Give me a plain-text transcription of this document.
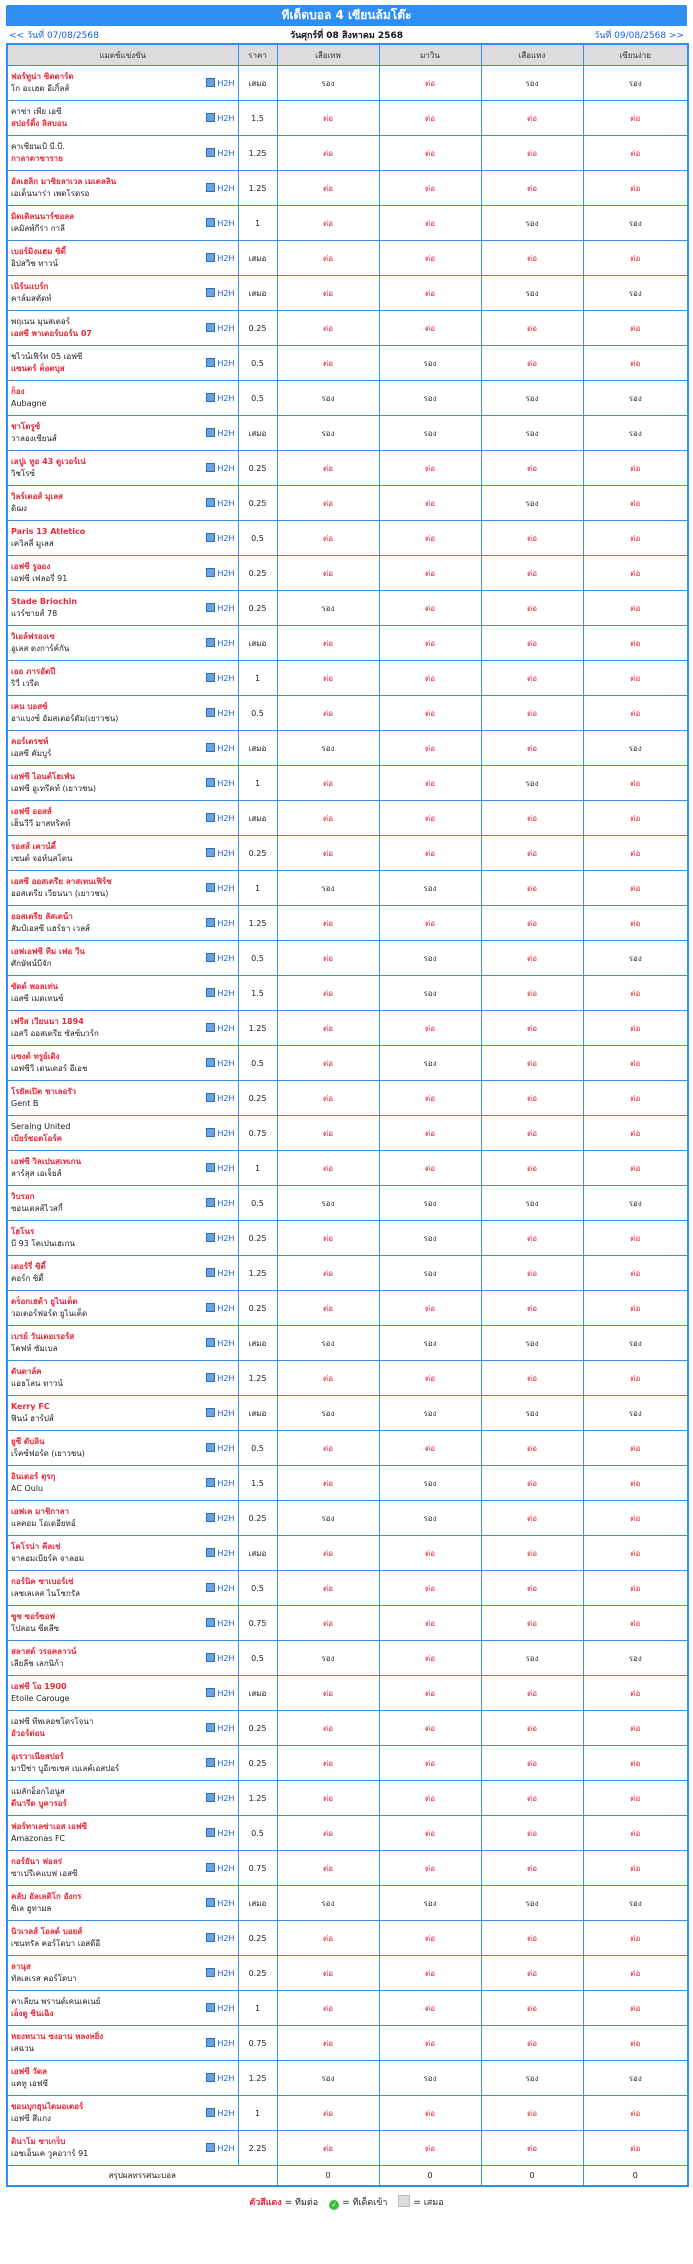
ทีเด็ดบอล 4 เซียนล้มโต๊ะ
<< วันที่ 07/08/2568	วันศุกร์ที่ 08 สิงหาคม 2568	วันที่ 09/08/2568 >>
แมตช์แข่งขัน	ราคา	เสือเทพ	มาวิน	เสือแทง	เซียนง่าย

ฟอร์ทูน่า ซิตตาร์ด
โก อะเฮด อีเกิ้ลส์
H2H	เสมอ	รอง	ต่อ	รอง	รอง

คาซ่า เพีย เอซี
สปอร์ติ้ง ลิสบอน
H2H	1.5	ต่อ	ต่อ	ต่อ	ต่อ

คาเซียนเป้ บี.บี.
กาลาตาซาราย
H2H	1.25	ต่อ	ต่อ	ต่อ	ต่อ

อัลเฮลิก มาซิยลาเวล เมเดลลิน
เอเด็นนาร่า เพดโรดรอ
H2H	1.25	ต่อ	ต่อ	ต่อ	ต่อ

มิดเดิลนนาร์ชอลล
เคมิลพ์กีร่า กาลี
H2H	1	ต่อ	ต่อ	รอง	รอง

เบอร์มิงแฮม ซิตี้
อิปสวิช ทาวน์
H2H	เสมอ	ต่อ	ต่อ	ต่อ	ต่อ

เนิร์นแบร์ก
คาล์มสตัดท์
H2H	เสมอ	ต่อ	ต่อ	รอง	รอง

พฤเนน มุนสเตอร์
เอสซี พาเดอร์บอร์น 07
H2H	0.25	ต่อ	ต่อ	ต่อ	ต่อ

ชไวน์เฟิร์ท 05 เอฟซี
แซนดร์ ค็อดบุส
H2H	0.5	ต่อ	รอง	ต่อ	ต่อ

ก็อง
Aubagne
H2H	0.5	รอง	รอง	รอง	รอง

ชาโตรูซ์
วาลองเซียนส์
H2H	เสมอ	รอง	รอง	รอง	รอง

เลปูเ ทูอ 43 ดูเวอร์เน่
วิชโรซ์
H2H	0.25	ต่อ	ต่อ	ต่อ	ต่อ

วิลร์เดอส์ มุเลส
ดิฌง
H2H	0.25	ต่อ	ต่อ	รอง	ต่อ

Paris 13 Atletico
เควิลลี่ มูเลส
H2H	0.5	ต่อ	ต่อ	ต่อ	ต่อ

เอฟซี รูออง
เอฟซี เฟลอรี่ 91
H2H	0.25	ต่อ	ต่อ	ต่อ	ต่อ

Stade Briochin
แวร์ซายส์ 78
H2H	0.25	รอง	ต่อ	ต่อ	ต่อ

วิเอล์ฟรองเซ
อูเลส ดงการ์ค์กัน
H2H	เสมอ	ต่อ	ต่อ	ต่อ	ต่อ

เออ ภารอัตปี
ริวี่ เวรีด
H2H	1	ต่อ	ต่อ	ต่อ	ต่อ

เคน บอสซ์
อาแบงซ์ อัมสเตอร์ดัม(เยาวชน)
H2H	0.5	ต่อ	ต่อ	ต่อ	ต่อ

คอร์เดรชท์
เอสซี คัมบูร์
H2H	เสมอ	รอง	ต่อ	ต่อ	รอง

เอฟซี ไอนด์โฮเฟ่น
เอฟซี อูเทรีคท์ (เยาวชน)
H2H	1	ต่อ	ต่อ	รอง	ต่อ

เอฟซี ออสส์
เฮ็นวีวี มาสทริคท์
H2H	เสมอ	ต่อ	ต่อ	ต่อ	ต่อ

รอสส์ เคาน์ตี้
เซนต์ จอห์นสโตน
H2H	0.25	ต่อ	ต่อ	ต่อ	ต่อ

เอสซี ออสเตรีย ลาสเทนเฟิร์ช
ออสเตรีย เวียนนา (เยาวชน)
H2H	1	รอง	รอง	ต่อ	ต่อ

ออสเตรีย ลัสเตน้า
สัมป์เอสซี แฮร์ธา เวลส์
H2H	1.25	ต่อ	ต่อ	ต่อ	ต่อ

เอฟเอฟซี ทีม เฟอ วีน
ศักษัพน์บีจัก
H2H	0.5	ต่อ	รอง	ต่อ	รอง

ซัดด์ พอลเท่น
เอสซี เมดเทนซ์
H2H	1.5	ต่อ	รอง	ต่อ	ต่อ

เฟรีส เวียนนา 1894
เอสวี ออสเตรีย ซัลซ์บวร์ก
H2H	1.25	ต่อ	ต่อ	ต่อ	ต่อ

แซงต์ ทรูย์เดิง
เอฟซีวี เดนเดอร์ อีเอช
H2H	0.5	ต่อ	รอง	ต่อ	ต่อ

โรยัลเปิด ชาเลอรัว
Gent B
H2H	0.25	ต่อ	ต่อ	ต่อ	ต่อ

Seraing United
เบียร์ชอตโอร์ค
H2H	0.75	ต่อ	ต่อ	ต่อ	ต่อ

เอฟซี วิลเปนสเทเกน
ลาร์สุส เอเจ็ยส์
H2H	1	ต่อ	ต่อ	ต่อ	ต่อ

วิบรอก
ซอนเดลส์ไวสกี้
H2H	0.5	รอง	รอง	รอง	รอง

โฮโนร
บี 93 โคเปนเฮเกน
H2H	0.25	ต่อ	รอง	ต่อ	ต่อ

เดอร์รี่ ซิตี้
คอร์ก ซิตี้
H2H	1.25	ต่อ	รอง	ต่อ	ต่อ

ดร็อกเฮด้า ยูไนเต็ด
วอเตอร์ฟอร์ด ยูไนเต็ด
H2H	0.25	ต่อ	ต่อ	ต่อ	ต่อ

เบรย์ วันเดอเรอร์ส
โคฟห์ ซัมเบล
H2H	เสมอ	รอง	รอง	รอง	รอง

ดันดาล์ค
แอธโลน ทาวน์
H2H	1.25	ต่อ	ต่อ	ต่อ	ต่อ

Kerry FC
ฟินน์ ฮาร์ปส์
H2H	เสมอ	รอง	รอง	รอง	รอง

ยูซี ดับลิน
เร็คซ์ฟอร์ด (เยาวชน)
H2H	0.5	ต่อ	ต่อ	ต่อ	ต่อ

อินเตอร์ ตุรกุ
AC Oulu
H2H	1.5	ต่อ	รอง	ต่อ	ต่อ

เอฟเค มาชิกาลา
แลคอม โอเดอียทอ์
H2H	0.25	รอง	รอง	ต่อ	ต่อ

โคโรน่า คีลเช่
จาลอมเบียร์ค จาลอม
H2H	เสมอ	ต่อ	ต่อ	ต่อ	ต่อ

กอร์นิค ซาเบอร์เซ่
เลชเลเลส ไนโชกรัล
H2H	0.5	ต่อ	ต่อ	ต่อ	ต่อ

ซูช ซอร์ซอฟ
โปลอน ซีดลีซ
H2H	0.75	ต่อ	ต่อ	ต่อ	ต่อ

สลาสต์ วรอคลาวน์
เลียลีช เลกนิก้า
H2H	0.5	รอง	ต่อ	รอง	รอง

เอฟซี โอ 1900
Etoile Carouge
H2H	เสมอ	ต่อ	ต่อ	ต่อ	ต่อ

เอฟซี ทีพเลอชโดรโจนา
อัวอร์ต่อน
H2H	0.25	ต่อ	ต่อ	ต่อ	ต่อ

อุเรวาเนียสปอร์
มาปีช่า บูอีเซเชส เบเลค์เอสปอร์
H2H	0.25	ต่อ	ต่อ	ต่อ	ต่อ

แมลักอ็อกไอนูส
ดีนารีด บูคารอร์
H2H	1.25	ต่อ	ต่อ	ต่อ	ต่อ

ฟอร์ทาเลซ่าเอส เอฟซี
Amazonas FC
H2H	0.5	ต่อ	ต่อ	ต่อ	ต่อ

กอร์ยันา ฟอลร่
ซาเปรีเคแบฟ เอสซี
H2H	0.75	ต่อ	ต่อ	ต่อ	ต่อ

คลับ อัลเลติโก อังกร
ซิเล ฮูทามล
H2H	เสมอ	รอง	รอง	รอง	รอง

นิวเวลส์ โอลด์ บอยส์
เซนทรัล คอร์โดบา เอสดีอี
H2H	0.25	ต่อ	ต่อ	ต่อ	ต่อ

ลานุส
ทัลเลเรส คอร์โดบา
H2H	0.25	ต่อ	ต่อ	ต่อ	ต่อ

คาเลียน พรานด์เคนเคเนย์
เอ็งตู ซินเฉิง
H2H	1	ต่อ	ต่อ	ต่อ	ต่อ

หยงหนาน ซงอาน หลงหยิ่ง
เสฉวน
H2H	0.75	ต่อ	ต่อ	ต่อ	ต่อ

เอฟซี วัดล
แคทู เอฟซี
H2H	1.25	รอง	รอง	รอง	รอง

ซอนบุกฮุนไดมอเตอร์
เอฟซี สึแกง
H2H	1	ต่อ	ต่อ	ต่อ	ต่อ

ดินาโม ซาเกร็บ
เอชเอ็นเค วูคอวาร์ 91
H2H	2.25	ต่อ	ต่อ	ต่อ	ต่อ
สรุปผลทรรศนะบอล		0	0	0	0
ตัวสีแดง = ทีมต่อ ✓ = ทีเด็ดเข้า	= เสมอ
